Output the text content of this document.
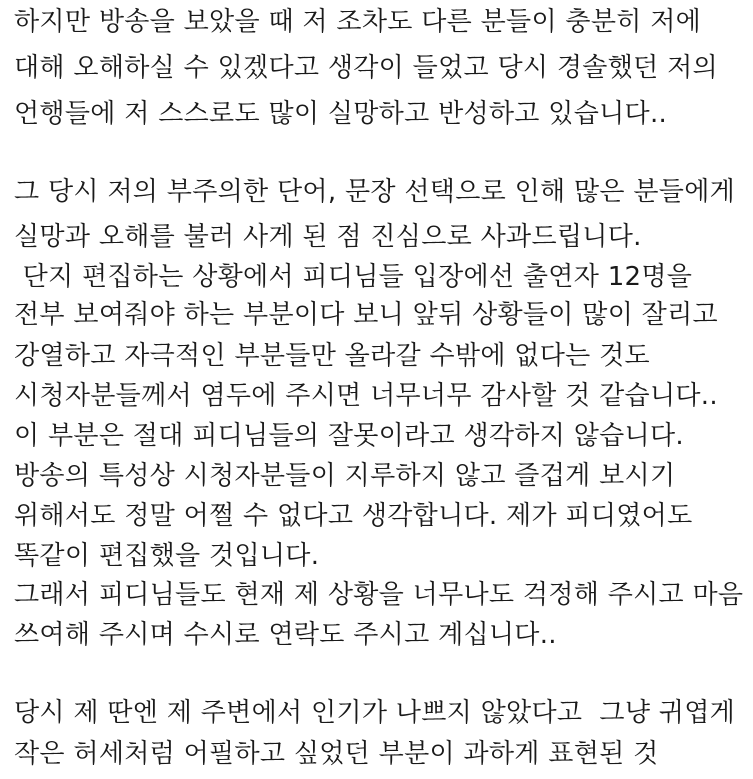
하지만 방송을 보았을 때 저 조차도 다른 분들이 충분히 저에
대해 오해하실 수 있겠다고 생각이 들었고 당시 경솔했던 저의
언행들에 저 스스로도 많이 실망하고 반성하고 있습니다..
그 당시 저의 부주의한 단어, 문장 선택으로 인해 많은 분들에게
실망과 오해를 불러 사게 된 점 진심으로 사과드립니다.
단지 편집하는 상황에서 피디님들 입장에선 출연자 12명을
전부 보여줘야 하는 부분이다 보니 앞뒤 상황들이 많이 잘리고
강열하고 자극적인 부분들만 올라갈 수밖에 없다는 것도
시청자분들께서 염두에 주시면 너무너무 감사할 것 같습니다..
이 부분은 절대 피디님들의 잘못이라고 생각하지 않습니다.
방송의 특성상 시청자분들이 지루하지 않고 즐겁게 보시기
위해서도 정말 어쩔 수 없다고 생각합니다. 제가 피디였어도
똑같이 편집했을 것입니다.
그래서 피디님들도 현재 제 상황을 너무나도 걱정해 주시고 마음
쓰여해 주시며 수시로 연락도 주시고 계십니다..
당시 제 딴엔 제 주변에서 인기가 나쁘지 않았다고  그냥 귀엽게
작은 허세처럼 어필하고 싶었던 부분이 과하게 표현된 것
